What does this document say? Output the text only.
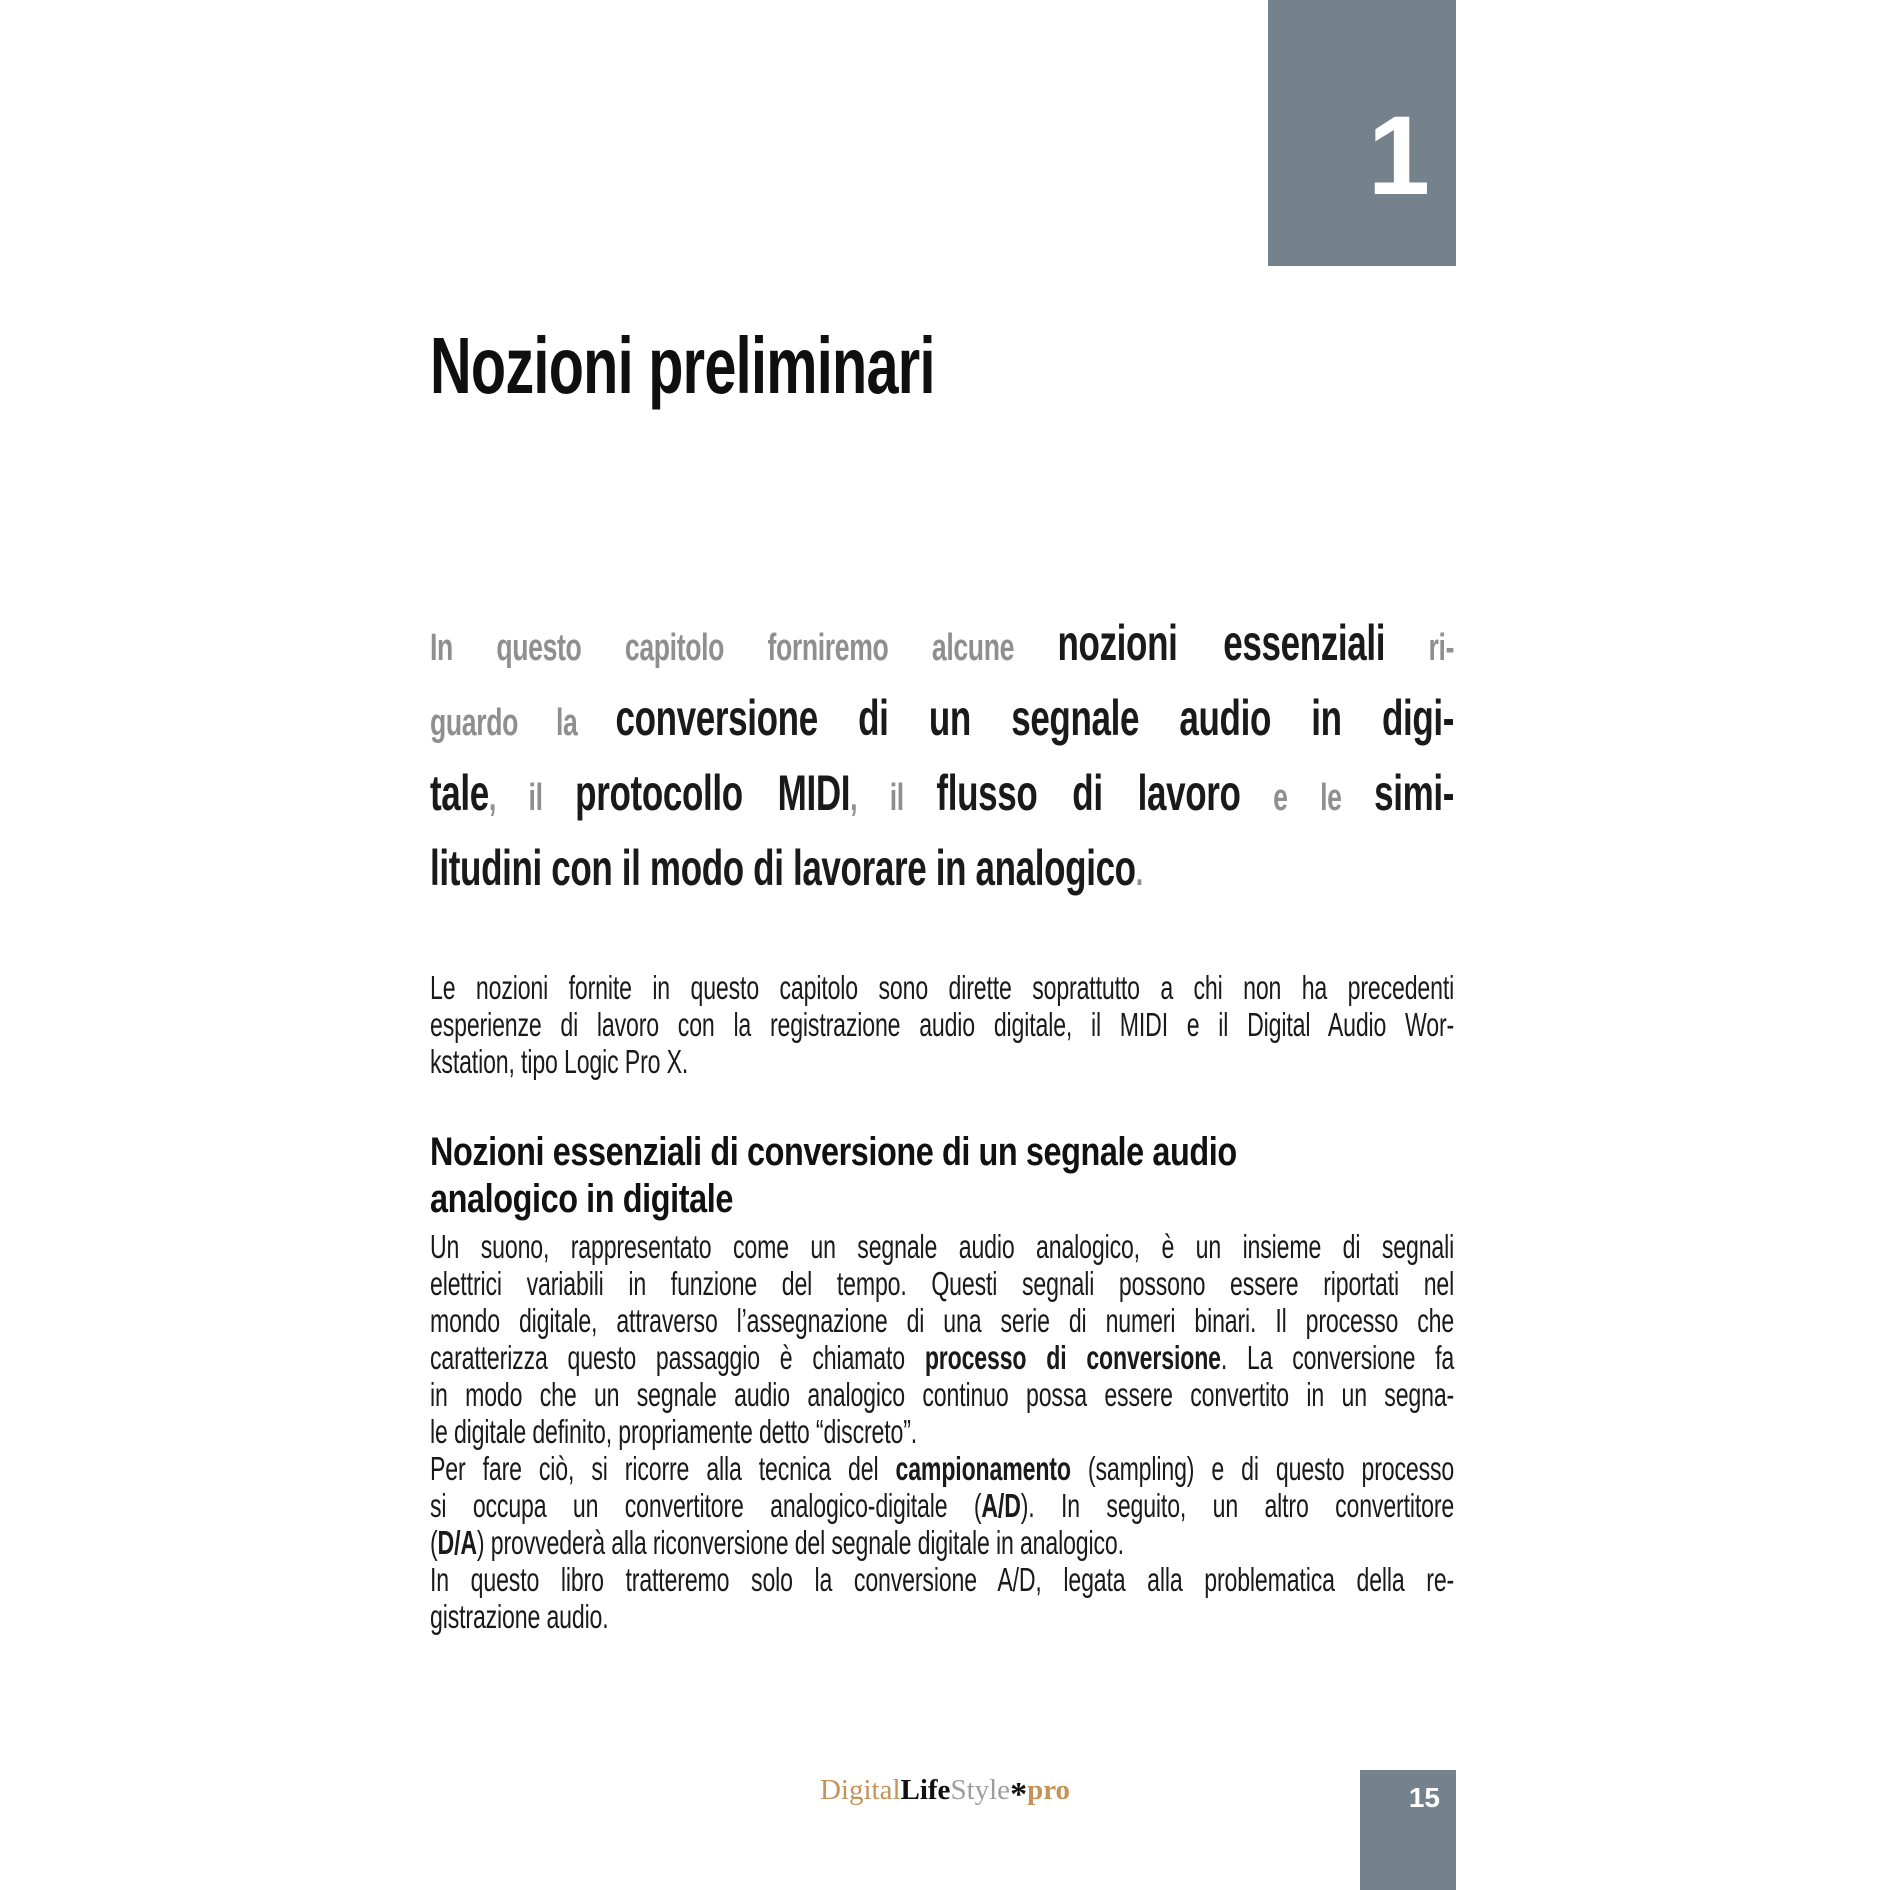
1
Nozioni preliminari
In questo capitolo forniremo alcune nozioni essenziali ri-
guardo la conversione di un segnale audio in digi-
tale, il protocollo MIDI, il flusso di lavoro e le simi-
litudini con il modo di lavorare in analogico.
Le nozioni fornite in questo capitolo sono dirette soprattutto a chi non ha precedenti
esperienze di lavoro con la registrazione audio digitale, il MIDI e il Digital Audio Wor-
kstation, tipo Logic Pro X.
Nozioni essenziali di conversione di un segnale audio
analogico in digitale
Un suono, rappresentato come un segnale audio analogico, è un insieme di segnali
elettrici variabili in funzione del tempo. Questi segnali possono essere riportati nel
mondo digitale, attraverso l’assegnazione di una serie di numeri binari. Il processo che
caratterizza questo passaggio è chiamato processo di conversione. La conversione fa
in modo che un segnale audio analogico continuo possa essere convertito in un segna-
le digitale definito, propriamente detto “discreto”.
Per fare ciò, si ricorre alla tecnica del campionamento (sampling) e di questo processo
si occupa un convertitore analogico-digitale (A/D). In seguito, un altro convertitore
(D/A) provvederà alla riconversione del segnale digitale in analogico.
In questo libro tratteremo solo la conversione A/D, legata alla problematica della re-
gistrazione audio.
DigitalLifeStyle*pro	15
